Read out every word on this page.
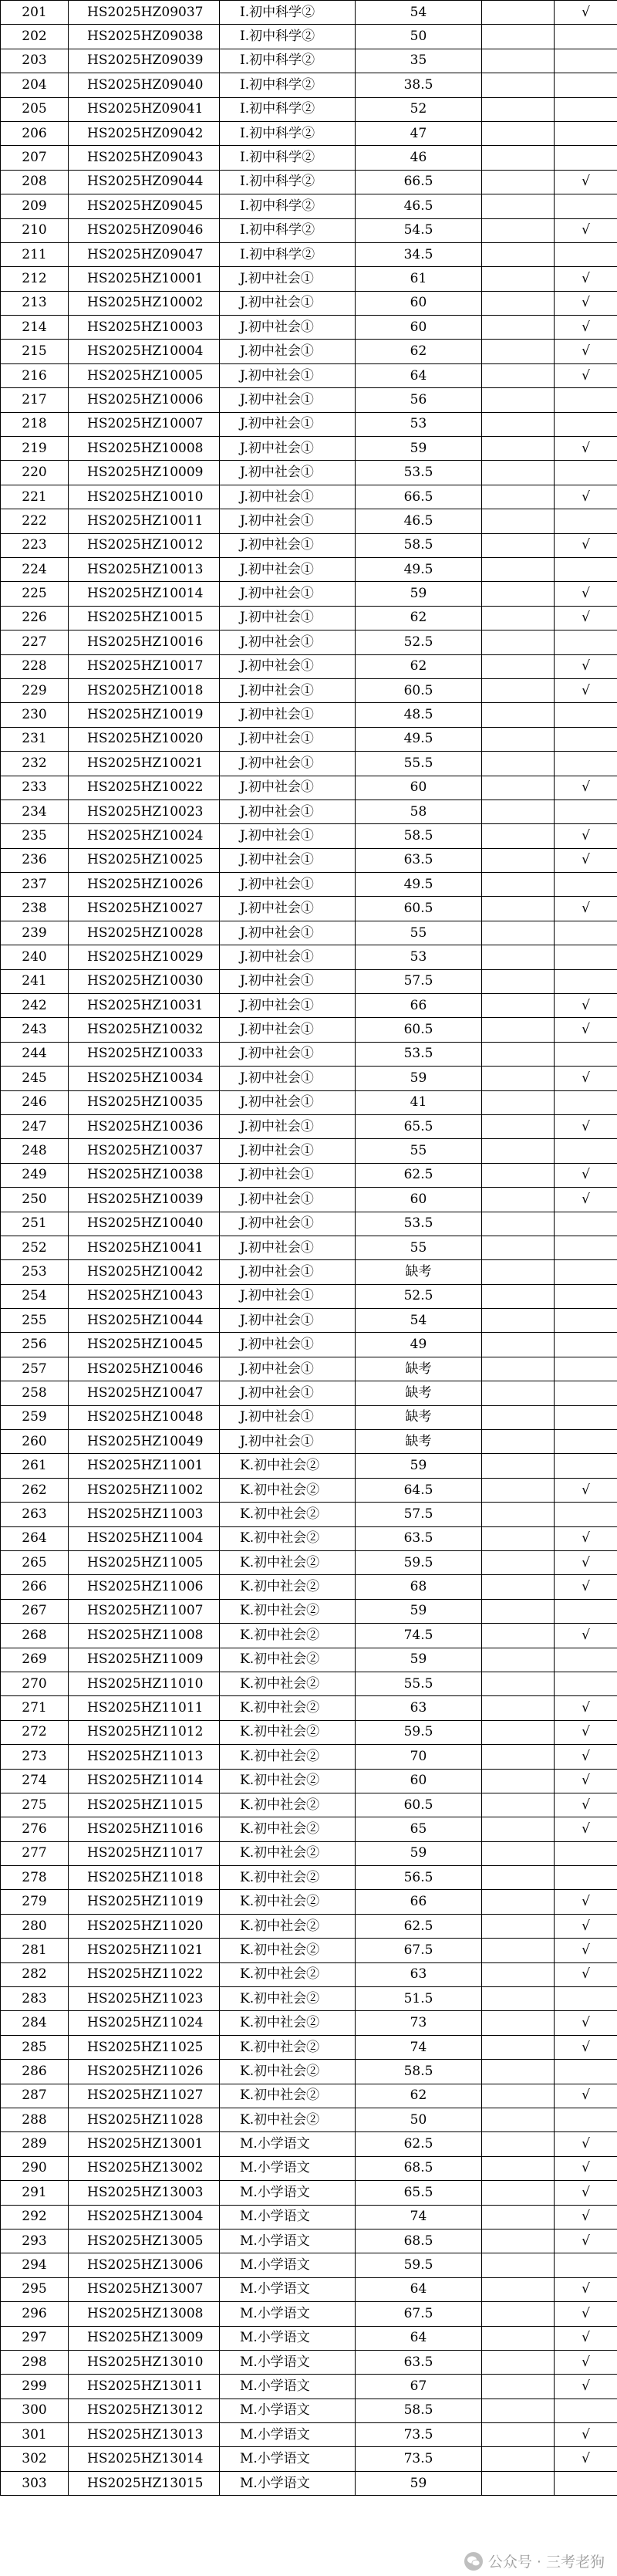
201	HS2025HZ09037	I.初中科学②	54		√
202	HS2025HZ09038	I.初中科学②	50		
203	HS2025HZ09039	I.初中科学②	35		
204	HS2025HZ09040	I.初中科学②	38.5		
205	HS2025HZ09041	I.初中科学②	52		
206	HS2025HZ09042	I.初中科学②	47		
207	HS2025HZ09043	I.初中科学②	46		
208	HS2025HZ09044	I.初中科学②	66.5		√
209	HS2025HZ09045	I.初中科学②	46.5		
210	HS2025HZ09046	I.初中科学②	54.5		√
211	HS2025HZ09047	I.初中科学②	34.5		
212	HS2025HZ10001	J.初中社会①	61		√
213	HS2025HZ10002	J.初中社会①	60		√
214	HS2025HZ10003	J.初中社会①	60		√
215	HS2025HZ10004	J.初中社会①	62		√
216	HS2025HZ10005	J.初中社会①	64		√
217	HS2025HZ10006	J.初中社会①	56		
218	HS2025HZ10007	J.初中社会①	53		
219	HS2025HZ10008	J.初中社会①	59		√
220	HS2025HZ10009	J.初中社会①	53.5		
221	HS2025HZ10010	J.初中社会①	66.5		√
222	HS2025HZ10011	J.初中社会①	46.5		
223	HS2025HZ10012	J.初中社会①	58.5		√
224	HS2025HZ10013	J.初中社会①	49.5		
225	HS2025HZ10014	J.初中社会①	59		√
226	HS2025HZ10015	J.初中社会①	62		√
227	HS2025HZ10016	J.初中社会①	52.5		
228	HS2025HZ10017	J.初中社会①	62		√
229	HS2025HZ10018	J.初中社会①	60.5		√
230	HS2025HZ10019	J.初中社会①	48.5		
231	HS2025HZ10020	J.初中社会①	49.5		
232	HS2025HZ10021	J.初中社会①	55.5		
233	HS2025HZ10022	J.初中社会①	60		√
234	HS2025HZ10023	J.初中社会①	58		
235	HS2025HZ10024	J.初中社会①	58.5		√
236	HS2025HZ10025	J.初中社会①	63.5		√
237	HS2025HZ10026	J.初中社会①	49.5		
238	HS2025HZ10027	J.初中社会①	60.5		√
239	HS2025HZ10028	J.初中社会①	55		
240	HS2025HZ10029	J.初中社会①	53		
241	HS2025HZ10030	J.初中社会①	57.5		
242	HS2025HZ10031	J.初中社会①	66		√
243	HS2025HZ10032	J.初中社会①	60.5		√
244	HS2025HZ10033	J.初中社会①	53.5		
245	HS2025HZ10034	J.初中社会①	59		√
246	HS2025HZ10035	J.初中社会①	41		
247	HS2025HZ10036	J.初中社会①	65.5		√
248	HS2025HZ10037	J.初中社会①	55		
249	HS2025HZ10038	J.初中社会①	62.5		√
250	HS2025HZ10039	J.初中社会①	60		√
251	HS2025HZ10040	J.初中社会①	53.5		
252	HS2025HZ10041	J.初中社会①	55		
253	HS2025HZ10042	J.初中社会①	缺考		
254	HS2025HZ10043	J.初中社会①	52.5		
255	HS2025HZ10044	J.初中社会①	54		
256	HS2025HZ10045	J.初中社会①	49		
257	HS2025HZ10046	J.初中社会①	缺考		
258	HS2025HZ10047	J.初中社会①	缺考		
259	HS2025HZ10048	J.初中社会①	缺考		
260	HS2025HZ10049	J.初中社会①	缺考		
261	HS2025HZ11001	K.初中社会②	59		
262	HS2025HZ11002	K.初中社会②	64.5		√
263	HS2025HZ11003	K.初中社会②	57.5		
264	HS2025HZ11004	K.初中社会②	63.5		√
265	HS2025HZ11005	K.初中社会②	59.5		√
266	HS2025HZ11006	K.初中社会②	68		√
267	HS2025HZ11007	K.初中社会②	59		
268	HS2025HZ11008	K.初中社会②	74.5		√
269	HS2025HZ11009	K.初中社会②	59		
270	HS2025HZ11010	K.初中社会②	55.5		
271	HS2025HZ11011	K.初中社会②	63		√
272	HS2025HZ11012	K.初中社会②	59.5		√
273	HS2025HZ11013	K.初中社会②	70		√
274	HS2025HZ11014	K.初中社会②	60		√
275	HS2025HZ11015	K.初中社会②	60.5		√
276	HS2025HZ11016	K.初中社会②	65		√
277	HS2025HZ11017	K.初中社会②	59		
278	HS2025HZ11018	K.初中社会②	56.5		
279	HS2025HZ11019	K.初中社会②	66		√
280	HS2025HZ11020	K.初中社会②	62.5		√
281	HS2025HZ11021	K.初中社会②	67.5		√
282	HS2025HZ11022	K.初中社会②	63		√
283	HS2025HZ11023	K.初中社会②	51.5		
284	HS2025HZ11024	K.初中社会②	73		√
285	HS2025HZ11025	K.初中社会②	74		√
286	HS2025HZ11026	K.初中社会②	58.5		
287	HS2025HZ11027	K.初中社会②	62		√
288	HS2025HZ11028	K.初中社会②	50		
289	HS2025HZ13001	M.小学语文	62.5		√
290	HS2025HZ13002	M.小学语文	68.5		√
291	HS2025HZ13003	M.小学语文	65.5		√
292	HS2025HZ13004	M.小学语文	74		√
293	HS2025HZ13005	M.小学语文	68.5		√
294	HS2025HZ13006	M.小学语文	59.5		
295	HS2025HZ13007	M.小学语文	64		√
296	HS2025HZ13008	M.小学语文	67.5		√
297	HS2025HZ13009	M.小学语文	64		√
298	HS2025HZ13010	M.小学语文	63.5		√
299	HS2025HZ13011	M.小学语文	67		√
300	HS2025HZ13012	M.小学语文	58.5		
301	HS2025HZ13013	M.小学语文	73.5		√
302	HS2025HZ13014	M.小学语文	73.5		√
303	HS2025HZ13015	M.小学语文	59		
公众号 · 三考老狗
